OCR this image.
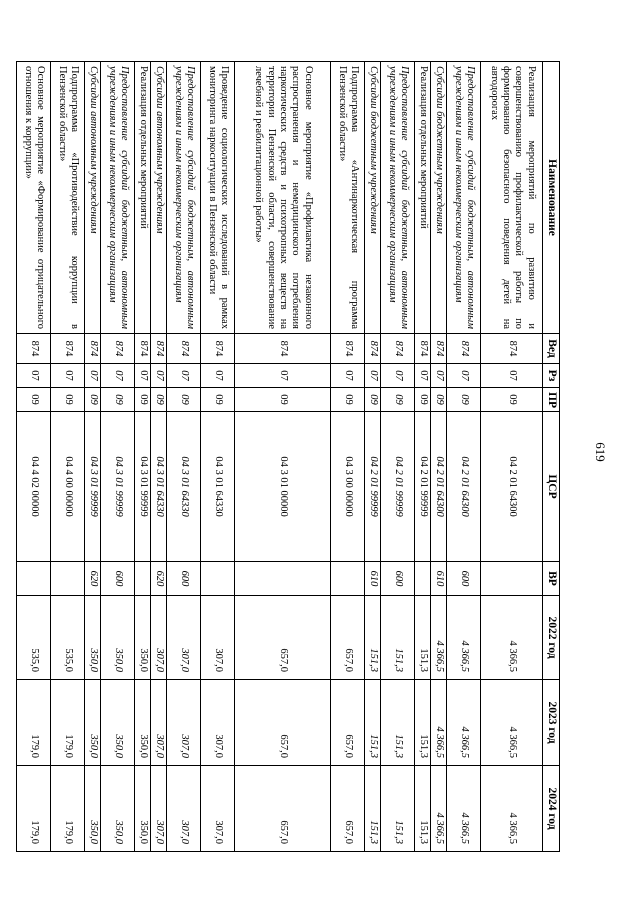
619
Наименование	Вед	Рз	ПР	ЦСР	ВР	2022 год	2023 год	2024 год
Реализация мероприятий по развитию и совершенствованию профилактической работы по формированию безопасного поведения детей на автодорогах	874	07	09	04 2 01 64300		4 366,5	4 366,5	4 366,5
Предоставление субсидий бюджетным, автономным учреждениям и иным некоммерческим организациям	874	07	09	04 2 01 64300	600	4 366,5	4 366,5	4 366,5
Субсидии бюджетным учреждениям	874	07	09	04 2 01 64300	610	4 366,5	4 366,5	4 366,5
Реализация отдельных мероприятий	874	07	09	04 2 01 99999		151,3	151,3	151,3
Предоставление субсидий бюджетным, автономным учреждениям и иным некоммерческим организациям	874	07	09	04 2 01 99999	600	151,3	151,3	151,3
Субсидии бюджетным учреждениям	874	07	09	04 2 01 99999	610	151,3	151,3	151,3
Подпрограмма «Антинаркотическая программа Пензенской области»	874	07	09	04 3 00 00000		657,0	657,0	657,0
Основное мероприятие «Профилактика незаконного распространения и немедицинского потребления наркотических средств и психотропных веществ на территории Пензенской области, совершенствование лечебной и реабилитационной работы»	874	07	09	04 3 01 00000		657,0	657,0	657,0
Проведение социологических исследований в рамках мониторинга наркоситуации в Пензенской области	874	07	09	04 3 01 64330		307,0	307,0	307,0
Предоставление субсидий бюджетным, автономным учреждениям и иным некоммерческим организациям	874	07	09	04 3 01 64330	600	307,0	307,0	307,0
Субсидии автономным учреждениям	874	07	09	04 3 01 64330	620	307,0	307,0	307,0
Реализация отдельных мероприятий	874	07	09	04 3 01 99999		350,0	350,0	350,0
Предоставление субсидий бюджетным, автономным учреждениям и иным некоммерческим организациям	874	07	09	04 3 01 99999	600	350,0	350,0	350,0
Субсидии автономным учреждениям	874	07	09	04 3 01 99999	620	350,0	350,0	350,0
Подпрограмма «Противодействие коррупции в Пензенской области»	874	07	09	04 4 00 00000		535,0	179,0	179,0
Основное мероприятие «Формирование отрицательного отношения к коррупции»	874	07	09	04 4 02 00000		535,0	179,0	179,0
